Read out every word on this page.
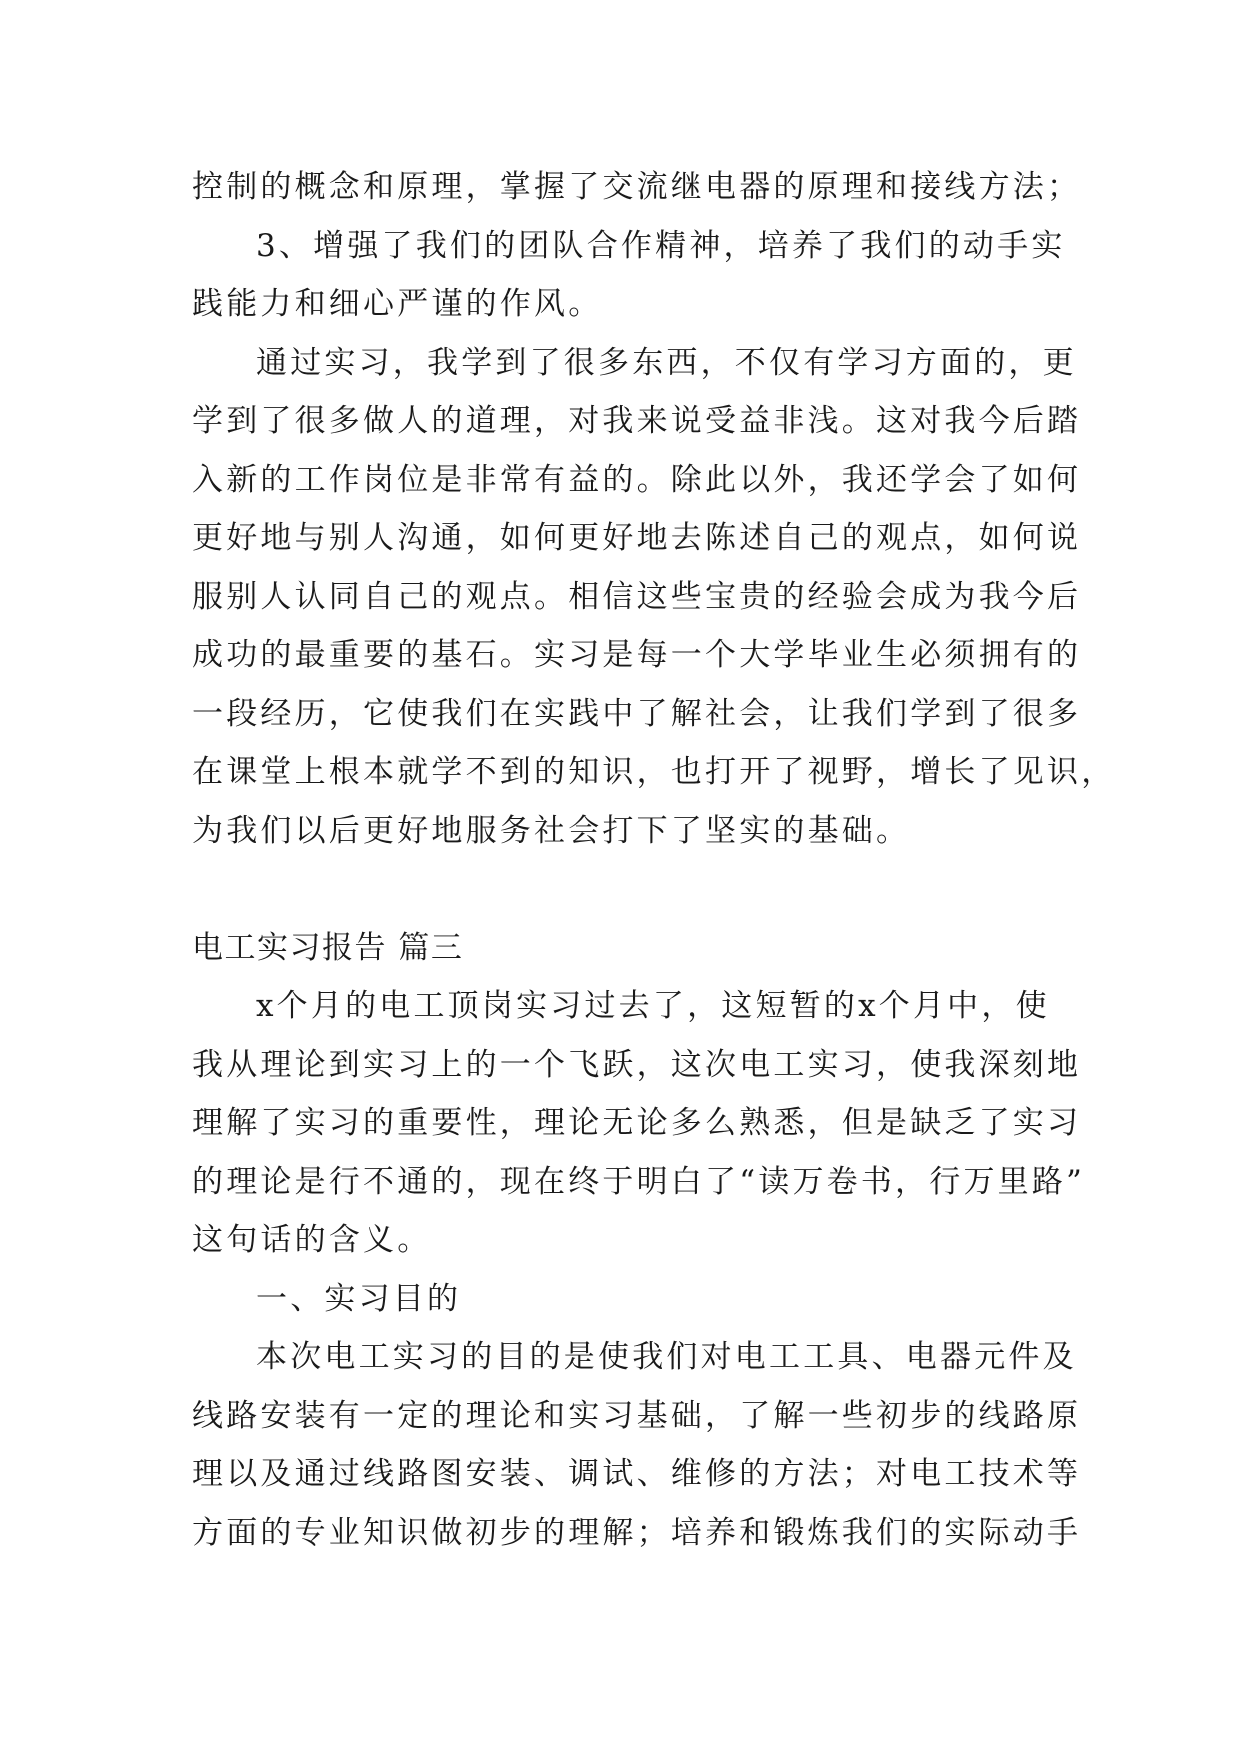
控制的概念和原理，掌握了交流继电器的原理和接线方法；
3、增强了我们的团队合作精神，培养了我们的动手实
践能力和细心严谨的作风。
通过实习，我学到了很多东西，不仅有学习方面的，更
学到了很多做人的道理，对我来说受益非浅。这对我今后踏
入新的工作岗位是非常有益的。除此以外，我还学会了如何
更好地与别人沟通，如何更好地去陈述自己的观点，如何说
服别人认同自己的观点。相信这些宝贵的经验会成为我今后
成功的最重要的基石。实习是每一个大学毕业生必须拥有的
一段经历，它使我们在实践中了解社会，让我们学到了很多
在课堂上根本就学不到的知识，也打开了视野，增长了见识，
为我们以后更好地服务社会打下了坚实的基础。
电工实习报告 篇三
x个月的电工顶岗实习过去了，这短暂的x个月中，使
我从理论到实习上的一个飞跃，这次电工实习，使我深刻地
理解了实习的重要性，理论无论多么熟悉，但是缺乏了实习
的理论是行不通的，现在终于明白了“读万卷书，行万里路”
这句话的含义。
一、实习目的
本次电工实习的目的是使我们对电工工具、电器元件及
线路安装有一定的理论和实习基础，了解一些初步的线路原
理以及通过线路图安装、调试、维修的方法；对电工技术等
方面的专业知识做初步的理解；培养和锻炼我们的实际动手
